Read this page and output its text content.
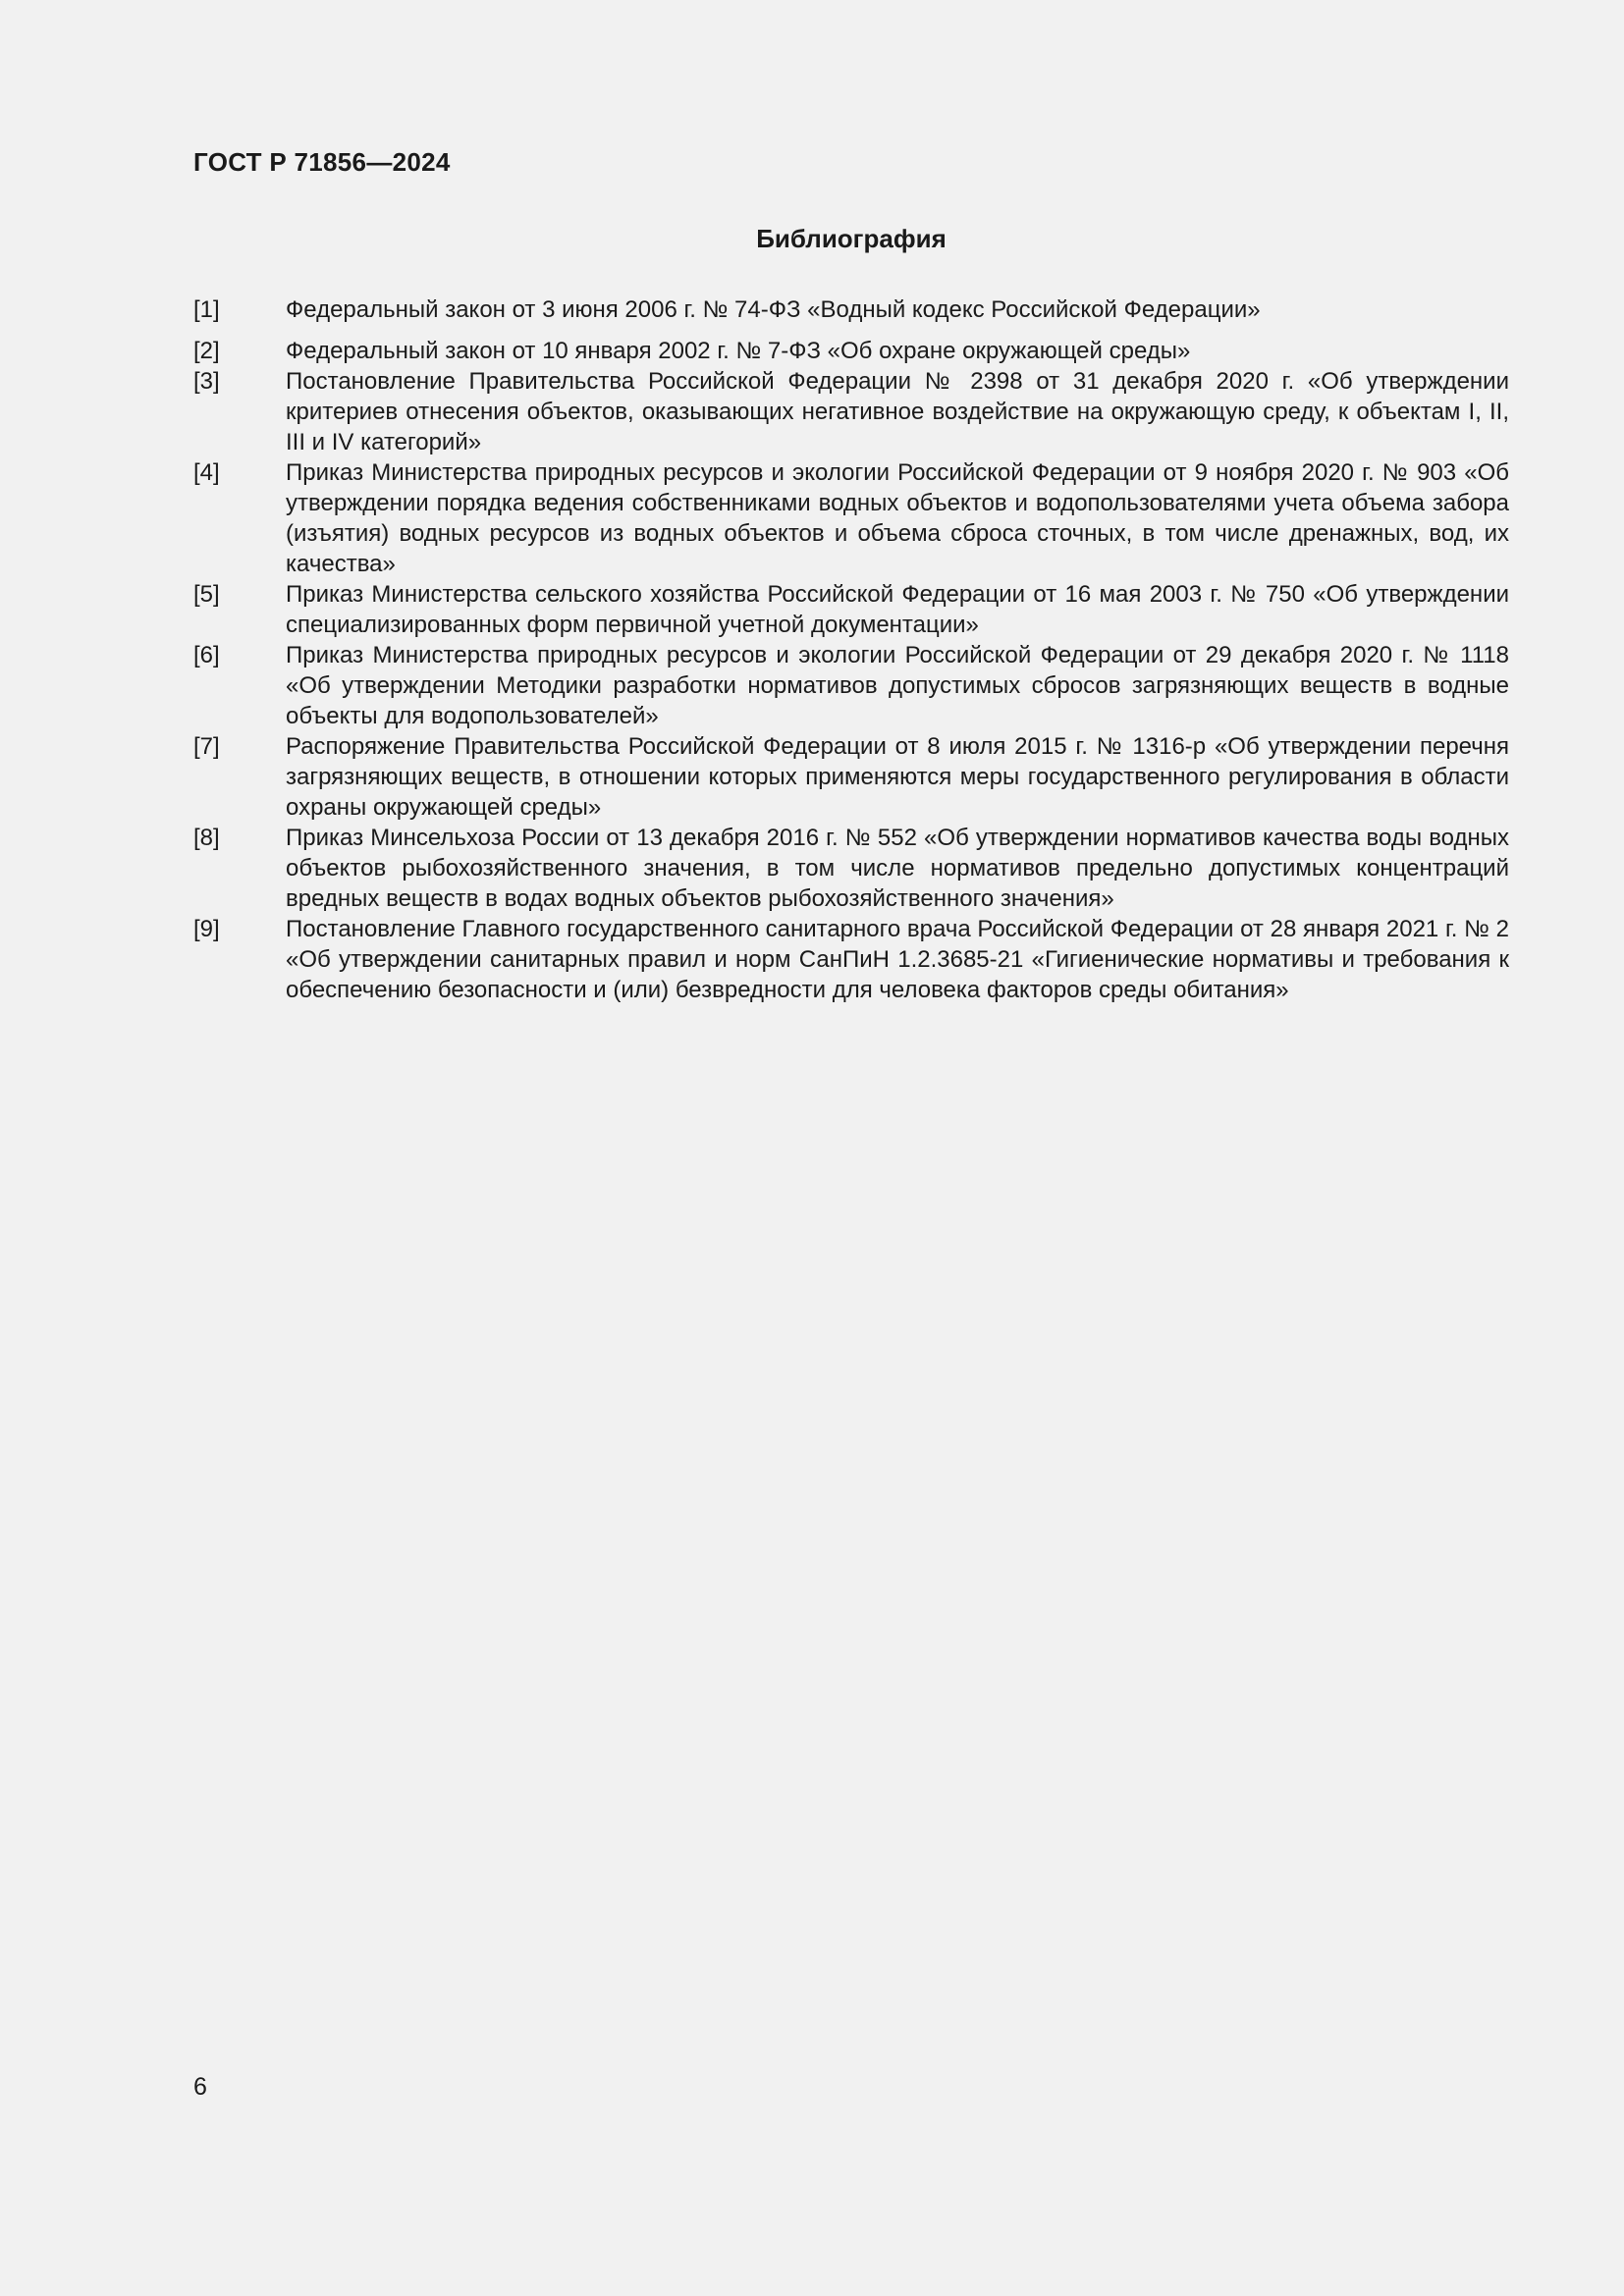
ГОСТ Р 71856—2024
Библиография
[1]	Федеральный закон от 3 июня 2006 г. № 74-ФЗ «Водный кодекс Российской Федерации»
[2]	Федеральный закон от 10 января 2002 г. № 7-ФЗ «Об охране окружающей среды»
[3]	Постановление Правительства Российской Федерации № 2398 от 31 декабря 2020 г. «Об утверждении критериев отнесения объектов, оказывающих негативное воздействие на окружающую среду, к объектам I, II, III и IV категорий»
[4]	Приказ Министерства природных ресурсов и экологии Российской Федерации от 9 ноября 2020 г. № 903 «Об утверждении порядка ведения собственниками водных объектов и водопользователями учета объема забора (изъятия) водных ресурсов из водных объектов и объема сброса сточных, в том числе дренажных, вод, их качества»
[5]	Приказ Министерства сельского хозяйства Российской Федерации от 16 мая 2003 г. № 750 «Об утверждении специализированных форм первичной учетной документации»
[6]	Приказ Министерства природных ресурсов и экологии Российской Федерации от 29 декабря 2020 г. № 1118 «Об утверждении Методики разработки нормативов допустимых сбросов загрязняющих веществ в водные объекты для водопользователей»
[7]	Распоряжение Правительства Российской Федерации от 8 июля 2015 г. № 1316-р «Об утверждении перечня загрязняющих веществ, в отношении которых применяются меры государственного регулирования в области охраны окружающей среды»
[8]	Приказ Минсельхоза России от 13 декабря 2016 г. № 552 «Об утверждении нормативов качества воды водных объектов рыбохозяйственного значения, в том числе нормативов предельно допустимых концентраций вредных веществ в водах водных объектов рыбохозяйственного значения»
[9]	Постановление Главного государственного санитарного врача Российской Федерации от 28 января 2021 г. № 2 «Об утверждении санитарных правил и норм СанПиН 1.2.3685-21 «Гигиенические нормативы и требования к обеспечению безопасности и (или) безвредности для человека факторов среды обитания»
6
